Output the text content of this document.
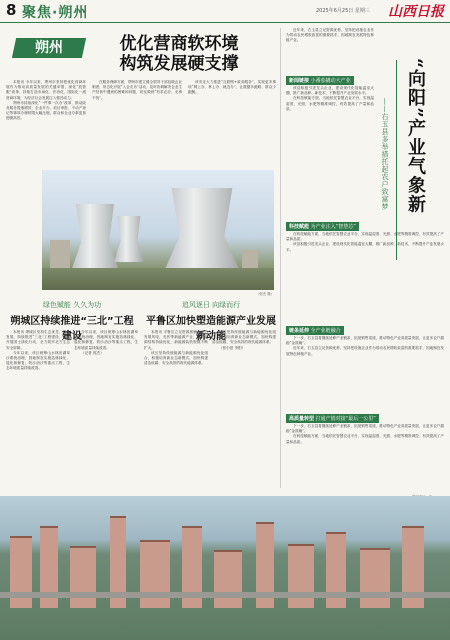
8 聚焦·朔州	2025年6月25日 星期三 山西日报
朔州	优化营商软环境
构筑发展硬支撑

本报讯 今年以来，朔州市坚持把优化营商环境作为推动高质量发展的关键举措，深化“放管服”改革，持续打造市场化、法治化、国际化一流营商环境，为经济社会发展注入强劲动力。

朔州市持续深化“一件事一次办”改革，推动政务服务提速增效，企业开办、项目审批、不动产登记等事项办理时限大幅压缩，群众和企业办事更加便捷高效。

在服务保障方面，朔州市建立健全领导干部包联企业制度，常态化开展“入企走访”活动，及时协调解决企业生产经营中遇到的困难和问题，切实做到“有求必应、无事不扰”。

该市还大力推进“互联网+政务服务”，实现更多事项“网上办、掌上办、就近办”，让数据多跑路、群众少跑腿。

（郭杰 摄）
绿色赋能 久久为功
朔城区持续推进“三北”工程建设

本报讯 朔城区坚持生态优先、绿色发展，持续推进“三北”工程建设，科学开展国土绿化行动，全力筑牢北方生态安全屏障。

今年以来，该区统筹山水林田湖草沙系统治理，因地制宜实施造林绿化、退化林修复、防沙治沙等重点工程，生态环境质量持续改善。

今年以来，该区统筹山水林田湖草沙系统治理，因地制宜实施造林绿化、退化林修复、防沙治沙等重点工程，生态环境质量持续改善。

（记者 郭杰）

追风逐日 向绿而行
平鲁区加快塑造能源产业发展新动能

本报讯 平鲁区立足资源禀赋，大力发展风电、光伏等新能源产业，推动能源结构持续优化，新能源装机规模不断扩大。

该区坚持传统能源与新能源优化组合，积极培育新业态新模式，加快构建清洁低碳、安全高效的现代能源体系。

该区坚持传统能源与新能源优化组合，积极培育新业态新模式，加快构建清洁低碳、安全高效的现代能源体系。

（张小爱 李阳）

近年来，右玉县立足资源优势，坚持把设施农业作为带动农民增收致富的重要抓手，因地制宜发展特色种植产业。

新闻链接 小番茄撬动大产业

该县积极引进龙头企业，建设现代化智能温室大棚，推广新品种、新技术，不断提升产业发展水平。

在科技赋能方面，当地依托智慧农业平台，实现温湿度、光照、水肥等精准调控，有效提高了产量和品质。	“向阳”产业气象新
——右玉县多举措托起农户致富梦
科技赋能 为产业注入“智慧芯”

在科技赋能方面，当地依托智慧农业平台，实现温湿度、光照、水肥等精准调控，有效提高了产量和品质。

该县积极引进龙头企业，建设现代化智能温室大棚，推广新品种、新技术，不断提升产业发展水平。

链条延伸 全产业链融合

下一步，右玉县将继续延伸产业链条，拓宽销售渠道，推动特色产业高质量发展，让更多农户端稳“金饭碗”。

近年来，右玉县立足资源优势，坚持把设施农业作为带动农民增收致富的重要抓手，因地制宜发展特色种植产业。

高质量转型 打通产销对接“最后一公里”

下一步，右玉县将继续延伸产业链条，拓宽销售渠道，推动特色产业高质量发展，让更多农户端稳“金饭碗”。

在科技赋能方面，当地依托智慧农业平台，实现温湿度、光照、水肥等精准调控，有效提高了产量和品质。
